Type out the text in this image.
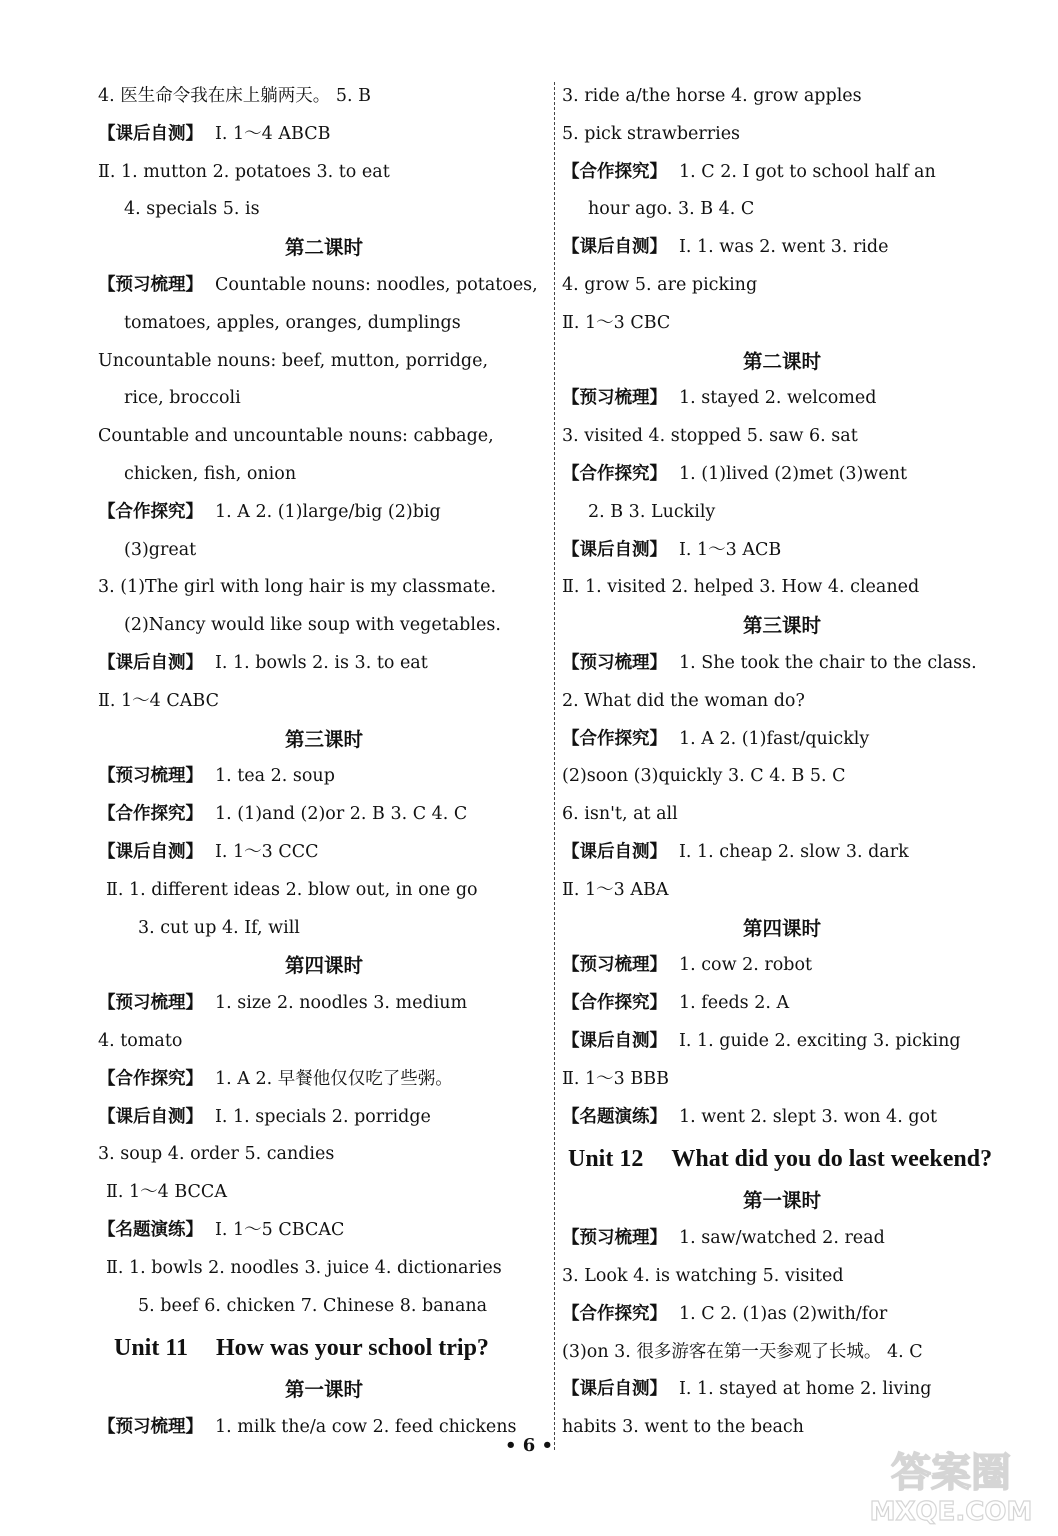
4. 医生命令我在床上躺两天。 5. B
【课后自测】 Ⅰ. 1～4 ABCB
Ⅱ. 1. mutton 2. potatoes 3. to eat
4. specials 5. is
第二课时
【预习梳理】 Countable nouns: noodles, potatoes,
tomatoes, apples, oranges, dumplings
Uncountable nouns: beef, mutton, porridge,
rice, broccoli
Countable and uncountable nouns: cabbage,
chicken, fish, onion
【合作探究】 1. A 2. (1)large/big (2)big
(3)great
3. (1)The girl with long hair is my classmate.
(2)Nancy would like soup with vegetables.
【课后自测】 Ⅰ. 1. bowls 2. is 3. to eat
Ⅱ. 1～4 CABC
第三课时
【预习梳理】 1. tea 2. soup
【合作探究】 1. (1)and (2)or 2. B 3. C 4. C
【课后自测】 Ⅰ. 1～3 CCC
Ⅱ. 1. different ideas 2. blow out, in one go
3. cut up 4. If, will
第四课时
【预习梳理】 1. size 2. noodles 3. medium
4. tomato
【合作探究】 1. A 2. 早餐他仅仅吃了些粥。
【课后自测】 Ⅰ. 1. specials 2. porridge
3. soup 4. order 5. candies
Ⅱ. 1～4 BCCA
【名题演练】 Ⅰ. 1～5 CBCAC
Ⅱ. 1. bowls 2. noodles 3. juice 4. dictionaries
5. beef 6. chicken 7. Chinese 8. banana
Unit 11 How was your school trip?
第一课时
【预习梳理】 1. milk the/a cow 2. feed chickens
3. ride a/the horse 4. grow apples
5. pick strawberries
【合作探究】 1. C 2. I got to school half an
hour ago. 3. B 4. C
【课后自测】 Ⅰ. 1. was 2. went 3. ride
4. grow 5. are picking
Ⅱ. 1～3 CBC
第二课时
【预习梳理】 1. stayed 2. welcomed
3. visited 4. stopped 5. saw 6. sat
【合作探究】 1. (1)lived (2)met (3)went
2. B 3. Luckily
【课后自测】 Ⅰ. 1～3 ACB
Ⅱ. 1. visited 2. helped 3. How 4. cleaned
第三课时
【预习梳理】 1. She took the chair to the class.
2. What did the woman do?
【合作探究】 1. A 2. (1)fast/quickly
(2)soon (3)quickly 3. C 4. B 5. C
6. isn't, at all
【课后自测】 Ⅰ. 1. cheap 2. slow 3. dark
Ⅱ. 1～3 ABA
第四课时
【预习梳理】 1. cow 2. robot
【合作探究】 1. feeds 2. A
【课后自测】 Ⅰ. 1. guide 2. exciting 3. picking
Ⅱ. 1～3 BBB
【名题演练】 1. went 2. slept 3. won 4. got
Unit 12 What did you do last weekend?
第一课时
【预习梳理】 1. saw/watched 2. read
3. Look 4. is watching 5. visited
【合作探究】 1. C 2. (1)as (2)with/for
(3)on 3. 很多游客在第一天参观了长城。 4. C
【课后自测】 Ⅰ. 1. stayed at home 2. living
habits 3. went to the beach
• 6 •
答案圈
MXQE.COM
